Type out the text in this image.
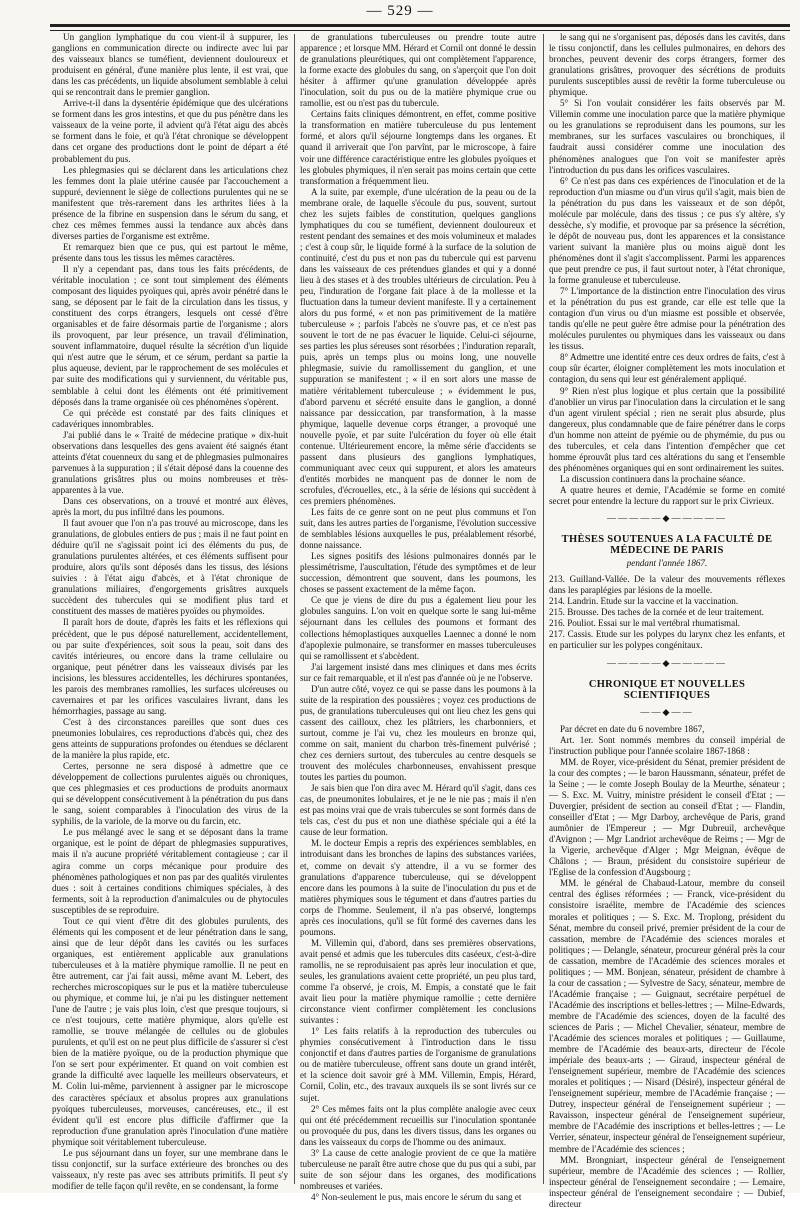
— 529 —

Un ganglion lymphatique du cou vient-il à suppurer, les ganglions en communication directe ou indirecte avec lui par des vaisseaux blancs se tuméfient, deviennent douloureux et produisent en général, d'une manière plus lente, il est vrai, que dans les cas précédents, un liquide absolument semblable à celui qui se rencontrait dans le premier ganglion.

Arrive-t-il dans la dysentérie épidémique que des ulcérations se forment dans les gros intestins, et que du pus pénètre dans les vaisseaux de la veine porte, il advient qu'à l'état aigu des abcès se forment dans le foie, et qu'à l'état chronique se développent dans cet organe des productions dont le point de départ a été probablement du pus.

Les phlegmasies qui se déclarent dans les articulations chez les femmes dont la plaie utérine causée par l'accouchement a suppuré, deviennent le siège de collections purulentes qui ne se manifestent que très-rarement dans les arthrites liées à la présence de la fibrine en suspension dans le sérum du sang, et chez ces mêmes femmes aussi la tendance aux abcès dans diverses parties de l'organisme est extrême.

Et remarquez bien que ce pus, qui est partout le même, présente dans tous les tissus les mêmes caractères.

Il n'y a cependant pas, dans tous les faits précédents, de véritable inoculation ; ce sont tout simplement des éléments composant des liquides pyoïques qui, après avoir pénétré dans le sang, se déposent par le fait de la circulation dans les tissus, y constituent des corps étrangers, lesquels ont cessé d'être organisables et de faire désormais partie de l'organisme ; alors ils provoquent, par leur présence, un travail d'élimination, souvent inflammatoire, duquel résulte la sécrétion d'un liquide qui n'est autre que le sérum, et ce sérum, perdant sa partie la plus aqueuse, devient, par le rapprochement de ses molécules et par suite des modifications qui y surviennent, du véritable pus, semblable à celui dont les éléments ont été primitivement déposés dans la trame organisée où ces phénomènes s'opèrent.

Ce qui précède est constaté par des faits cliniques et cadavériques innombrables.

J'ai publié dans le « Traité de médecine pratique » dix-huit observations dans lesquelles des gens avaient été saignés étant atteints d'état couenneux du sang et de phlegmasies pulmonaires parvenues à la suppuration ; il s'était déposé dans la couenne des granulations grisâtres plus ou moins nombreuses et très-apparentes à la vue.

Dans ces observations, on a trouvé et montré aux élèves, après la mort, du pus infiltré dans les poumons.

Il faut avouer que l'on n'a pas trouvé au microscope, dans les granulations, de globules entiers de pus ; mais il ne faut point en déduire qu'il ne s'agissait point ici des éléments du pus, de granulations purulentes altérées, et ces éléments suffisent pour produire, alors qu'ils sont déposés dans les tissus, des lésions suivies : à l'état aigu d'abcès, et à l'état chronique de granulations miliaires, d'engorgements grisâtres auxquels succèdent des tubercules qui se modifient plus tard et constituent des masses de matières pyoïdes ou phymoïdes.

Il paraît hors de doute, d'après les faits et les réflexions qui précèdent, que le pus déposé naturellement, accidentellement, ou par suite d'expériences, soit sous la peau, soit dans des cavités intérieures, ou encore dans la trame cellulaire ou organique, peut pénétrer dans les vaisseaux divisés par les incisions, les blessures accidentelles, les déchirures spontanées, les parois des membranes ramollies, les surfaces ulcéreuses ou cavernaires et par les orifices vasculaires livrant, dans les hémorrhagies, passage au sang.

C'est à des circonstances pareilles que sont dues ces pneumonies lobulaires, ces reproductions d'abcès qui, chez des gens atteints de suppurations profondes ou étendues se déclarent de la manière la plus rapide, etc.

Certes, personne ne sera disposé à admettre que ce développement de collections purulentes aiguës ou chroniques, que ces phlegmasies et ces productions de produits anormaux qui se développent consécutivement à la pénétration du pus dans le sang, soient comparables à l'inoculation des virus de la syphilis, de la variole, de la morve ou du farcin, etc.

Le pus mélangé avec le sang et se déposant dans la trame organique, est le point de départ de phlegmasies suppuratives, mais il n'a aucune propriété véritablement contagieuse ; car il agira comme un corps mécanique pour produire des phénomènes pathologiques et non pas par des qualités virulentes dues : soit à certaines conditions chimiques spéciales, à des ferments, soit à la reproduction d'animalcules ou de phytocules susceptibles de se reproduire.

Tout ce qui vient d'être dit des globules purulents, des éléments qui les composent et de leur pénétration dans le sang, ainsi que de leur dépôt dans les cavités ou les surfaces organiques, est entièrement applicable aux granulations tuberculeuses et à la matière phymique ramollie. Il ne peut en être autrement, car j'ai fait aussi, même avant M. Lebert, des recherches microscopiques sur le pus et la matière tuberculeuse ou phymique, et comme lui, je n'ai pu les distinguer nettement l'une de l'autre ; je vais plus loin, c'est que presque toujours, si ce n'est toujours, cette matière phymique, alors qu'elle est ramollie, se trouve mélangée de cellules ou de globules purulents, et qu'il est on ne peut plus difficile de s'assurer si c'est bien de la matière pyoïque, ou de la production phymique que l'on se sert pour expérimenter. Et quand on voit combien est grande la difficulté avec laquelle les meilleurs observateurs, et M. Colin lui-même, parviennent à assigner par le microscope des caractères spéciaux et absolus propres aux granulations pyoïques tuberculeuses, morveuses, cancéreuses, etc., il est évident qu'il est encore plus difficile d'affirmer que la reproduction d'une granulation après l'inoculation d'une matière phymique soit véritablement tuberculeuse.

Le pus séjournant dans un foyer, sur une membrane dans le tissu conjonctif, sur la surface extérieure des bronches ou des vaisseaux, n'y reste pas avec ses attributs primitifs. Il peut s'y modifier de telle façon qu'il revête, en se condensant, la forme

de granulations tuberculeuses ou prendre toute autre apparence ; et lorsque MM. Hérard et Cornil ont donné le dessin de granulations pleurétiques, qui ont complètement l'apparence, la forme exacte des globules du sang, on s'aperçoit que l'on doit hésiter à affirmer qu'une granulation développée après l'inoculation, soit du pus ou de la matière phymique crue ou ramollie, est ou n'est pas du tubercule.

Certains faits cliniques démontrent, en effet, comme positive la transformation en matière tuberculeuse du pus lentement formé, et alors qu'il séjourne longtemps dans les organes. Et quand il arriverait que l'on parvînt, par le microscope, à faire voir une différence caractéristique entre les globules pyoïques et les globules phymiques, il n'en serait pas moins certain que cette transformation a fréquemment lieu.

A la suite, par exemple, d'une ulcération de la peau ou de la membrane orale, de laquelle s'écoule du pus, souvent, surtout chez les sujets faibles de constitution, quelques ganglions lymphatiques du cou se tuméfient, deviennent douloureux et restent pendant des semaines et des mois volumineux et malades ; c'est à coup sûr, le liquide formé à la surface de la solution de continuité, c'est du pus et non pas du tubercule qui est parvenu dans les vaisseaux de ces prétendues glandes et qui y a donné lieu à des stases et à des troubles ultérieurs de circulation. Peu à peu, l'induration de l'organe fait place à de la mollesse et la fluctuation dans la tumeur devient manifeste. Il y a certainement alors du pus formé, « et non pas primitivement de la matière tuberculeuse » ; parfois l'abcès ne s'ouvre pas, et ce n'est pas souvent le tort de ne pas évacuer le liquide. Celui-ci séjourne, ses parties les plus séreuses sont résorbées ; l'induration reparaît, puis, après un temps plus ou moins long, une nouvelle phlegmasie, suivie du ramollissement du ganglion, et une suppuration se manifestent ; « il en sort alors une masse de matière véritablement tuberculeuse ; » évidemment le pus, d'abord parvenu et sécrété ensuite dans le ganglion, a donné naissance par dessiccation, par transformation, à la masse phymique, laquelle devenue corps étranger, a provoqué une nouvelle pyoïe, et par suite l'ulcération du foyer où elle était contenue. Ultérieurement encore, la même série d'accidents se passent dans plusieurs des ganglions lymphatiques, communiquant avec ceux qui suppurent, et alors les amateurs d'entités morbides ne manquent pas de donner le nom de scrofules, d'écrouelles, etc., à la série de lésions qui succèdent à ces premiers phénomènes.

Les faits de ce genre sont on ne peut plus communs et l'on suit, dans les autres parties de l'organisme, l'évolution successive de semblables lésions auxquelles le pus, préalablement résorbé, donne naissance.

Les signes positifs des lésions pulmonaires donnés par le plessimétrisme, l'auscultation, l'étude des symptômes et de leur succession, démontrent que souvent, dans les poumons, les choses se passent exactement de la même façon.

Ce que je viens de dire du pus a également lieu pour les globules sanguins. L'on voit en quelque sorte le sang lui-même séjournant dans les cellules des poumons et formant des collections hémoplastiques auxquelles Laennec a donné le nom d'apoplexie pulmonaire, se transformer en masses tuberculeuses qui se ramollissent et s'abcèdent.

J'ai largement insisté dans mes cliniques et dans mes écrits sur ce fait remarquable, et il n'est pas d'année où je ne l'observe.

D'un autre côté, voyez ce qui se passe dans les poumons à la suite de la respiration des poussières ; voyez ces productions de pus, de granulations tuberculeuses qui ont lieu chez les gens qui cassent des cailloux, chez les plâtriers, les charbonniers, et surtout, comme je l'ai vu, chez les mouleurs en bronze qui, comme on sait, manient du charbon très-finement pulvérisé ; chez ces derniers surtout, des tubercules au centre desquels se trouvent des molécules charbonneuses, envahissent presque toutes les parties du poumon.

Je sais bien que l'on dira avec M. Hérard qu'il s'agit, dans ces cas, de pneumonites lobulaires, et je ne le nie pas ; mais il n'en est pas moins vrai que de vrais tubercules se sont formés dans de tels cas, c'est du pus et non une diathèse spéciale qui a été la cause de leur formation.

M. le docteur Empis a repris des expériences semblables, en introduisant dans les bronches de lapins des substances variées, et, comme on devait s'y attendre, il a vu se former des granulations d'apparence tuberculeuse, qui se développent encore dans les poumons à la suite de l'inoculation du pus et de matières phymiques sous le tégument et dans d'autres parties du corps de l'homme. Seulement, il n'a pas observé, longtemps après ces inoculations, qu'il se fût formé des cavernes dans les poumons.

M. Villemin qui, d'abord, dans ses premières observations, avait pensé et admis que les tubercules dits caséeux, c'est-à-dire ramollis, ne se reproduisaient pas après leur inoculation et que, seules, les granulations avaient cette propriété, un peu plus tard, comme l'a observé, je crois, M. Empis, a constaté que le fait avait lieu pour la matière phymique ramollie ; cette dernière circonstance vient confirmer complètement les conclusions suivantes :

1° Les faits relatifs à la reproduction des tubercules ou phymies consécutivement à l'introduction dans le tissu conjonctif et dans d'autres parties de l'organisme de granulations ou de matière tuberculeuse, offrent sans doute un grand intérêt, et la science doit savoir gré à MM. Villemin, Empis, Hérard, Cornil, Colin, etc., des travaux auxquels ils se sont livrés sur ce sujet.

2° Ces mêmes faits ont la plus complète analogie avec ceux qui ont été précédemment recueillis sur l'inoculation spontanée ou provoquée du pus, dans les divers tissus, dans les organes ou dans les vaisseaux du corps de l'homme ou des animaux.

3° La cause de cette analogie provient de ce que la matière tuberculeuse ne paraît être autre chose que du pus qui a subi, par suite de son séjour dans les organes, des modifications nombreuses et variées.

4° Non-seulement le pus, mais encore le sérum du sang et

le sang qui ne s'organisent pas, déposés dans les cavités, dans le tissu conjonctif, dans les cellules pulmonaires, en dehors des bronches, peuvent devenir des corps étrangers, former des granulations grisâtres, provoquer des sécrétions de produits purulents susceptibles aussi de revêtir la forme tuberculeuse ou phymique.

5° Si l'on voulait considérer les faits observés par M. Villemin comme une inoculation parce que la matière phymique ou les granulations se reproduisent dans les poumons, sur les membranes, sur les surfaces vasculaires ou bronchiques, il faudrait aussi considérer comme une inoculation des phénomènes analogues que l'on voit se manifester après l'introduction du pus dans les orifices vasculaires.

6° Ce n'est pas dans ces expériences de l'inoculation et de la reproduction d'un miasme ou d'un virus qu'il s'agit, mais bien de la pénétration du pus dans les vaisseaux et de son dépôt, molécule par molécule, dans des tissus ; ce pus s'y altère, s'y dessèche, s'y modifie, et provoque par sa présence la sécrétion, le dépôt de nouveau pus, dont les apparences et la consistance varient suivant la manière plus ou moins aiguë dont les phénomènes dont il s'agit s'accomplissent. Parmi les apparences que peut prendre ce pus, il faut surtout noter, à l'état chronique, la forme granuleuse et tuberculeuse.

7° L'importance de la distinction entre l'inoculation des virus et la pénétration du pus est grande, car elle est telle que la contagion d'un virus ou d'un miasme est possible et observée, tandis qu'elle ne peut guère être admise pour la pénétration des molécules purulentes ou phymiques dans les vaisseaux ou dans les tissus.

8° Admettre une identité entre ces deux ordres de faits, c'est à coup sûr écarter, éloigner complètement les mots inoculation et contagion, du sens qui leur est généralement appliqué.

9° Rien n'est plus logique et plus certain que la possibilité d'anoblier un virus par l'inoculation dans la circulation et le sang d'un agent virulent spécial ; rien ne serait plus absurde, plus dangereux, plus condamnable que de faire pénétrer dans le corps d'un homme non atteint de pyémie ou de phymémie, du pus ou des tubercules, et cela dans l'intention d'empêcher que cet homme éprouvât plus tard ces altérations du sang et l'ensemble des phénomènes organiques qui en sont ordinairement les suites.

La discussion continuera dans la prochaine séance.

A quatre heures et demie, l'Académie se forme en comité secret pour entendre la lecture du rapport sur le prix Civrieux.

—————◆—————

THÈSES SOUTENUES A LA FACULTÉ DE MÉDECINE DE PARIS

pendant l'année 1867.

213. Guilland-Vallée. De la valeur des mouvements réflexes dans les paraplégies par lésions de la moelle.

214. Landrin. Etude sur la vaccine et la vaccination.

215. Brousse. Des taches de la cornée et de leur traitement.

216. Pouliot. Essai sur le mal vertébral rhumatismal.

217. Cassis. Etude sur les polypes du larynx chez les enfants, et en particulier sur les polypes congénitaux.

—————◆—————

CHRONIQUE ET NOUVELLES SCIENTIFIQUES

——◆——

Par décret en date du 6 novembre 1867,

Art. 1er. Sont nommés membres du conseil impérial de l'instruction publique pour l'année scolaire 1867-1868 :

MM. de Royer, vice-président du Sénat, premier président de la cour des comptes ; — le baron Haussmann, sénateur, préfet de la Seine ; — le comte Joseph Boulay de la Meurthe, sénateur ; — S. Exc. M. Vuitry, ministre président le conseil d'Etat ; — Duvergier, président de section au conseil d'Etat ; — Flandin, conseiller d'Etat ; — Mgr Darboy, archevêque de Paris, grand aumônier de l'Empereur ; — Mgr Dubreuil, archevêque d'Avignon ; — Mgr Landriot archevêque de Reims ; — Mgr de la Vigerie, archevêque d'Alger ; Mgr Meignan, évêque de Châlons ; — Braun, président du consistoire supérieur de l'Eglise de la confession d'Augsbourg ;

MM. le général de Chabaud-Latour, membre du conseil central des églises réformées ; — Franck, vice-président du consistoire israélite, membre de l'Académie des sciences morales et politiques ; — S. Exc. M. Troplong, président du Sénat, membre du conseil privé, premier président de la cour de cassation, membre de l'Académie des sciences morales et politiques ; — Delangle, sénateur, procureur général près la cour de cassation, membre de l'Académie des sciences morales et politiques ; — MM. Bonjean, sénateur, président de chambre à la cour de cassation ; — Sylvestre de Sacy, sénateur, membre de l'Académie française ; — Guignaut, secrétaire perpétuel de l'Académie des inscriptions et belles-lettres ; — Milne-Edwards, membre de l'Académie des sciences, doyen de la faculté des sciences de Paris ; — Michel Chevalier, sénateur, membre de l'Académie des sciences morales et politiques ; — Guillaume, membre de l'Académie des beaux-arts, directeur de l'école impériale des beaux-arts ; — Giraud, inspecteur général de l'enseignement supérieur, membre de l'Académie des sciences morales et politiques ; — Nisard (Désiré), inspecteur général de l'enseignement supérieur, membre de l'Académie française ; — Dutrey, inspecteur général de l'enseignement supérieur ; — Ravaisson, inspecteur général de l'enseignement supérieur, membre de l'Académie des inscriptions et belles-lettres ; — Le Verrier, sénateur, inspecteur général de l'enseignement supérieur, membre de l'Académie des sciences ;

MM. Brongniart, inspecteur général de l'enseignement supérieur, membre de l'Académie des sciences ; — Rollier, inspecteur général de l'enseignement secondaire ; — Lemaire, inspecteur général de l'enseignement secondaire ; — Dubief, directeur
